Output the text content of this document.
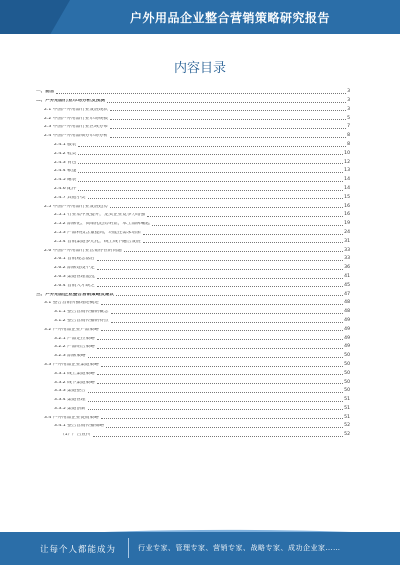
户外用品企业整合营销策略研究报告
内容目录
一、前言	3
二、户外用品行业市场分析及预测	3
2.1 中国户外用品行业发展现状	3
2.2 中国户外用品行业市场规模	5
2.3 中国户外用品行业区域分布	7
2.4 中国户外用品细分市场分析	8
2.4.1 服装	8
2.4.2 鞋类	10
2.4.3 背包	12
2.4.4 帐篷	13
2.4.5 睡袋	14
2.4.6 配件	14
2.4.7 其他小类	15
2.5 中国户外用品行业发展趋势	16
2.5.1 行业集中度提升，龙头企业竞争力增强	16
2.5.2 品牌化、高端化趋势明显，本土品牌崛起	19
2.5.3 产品科技含量提高，功能性需求增加	24
2.5.4 营销渠道多元化，线上线下融合发展	31
2.6 中国户外用品行业营销存在的问题	33
2.6.1 营销观念落后	33
2.6.2 品牌建设不足	36
2.6.3 渠道管理混乱	41
2.6.4 营销人才缺乏	45
三、户外用品企业整合营销策略及建议	47
3.1 整合营销传播理论概述	48
3.1.1 整合营销传播的概念	48
3.1.2 整合营销传播的特点	49
3.2 户外用品企业产品策略	49
3.2.1 产品定位策略	49
3.2.2 产品组合策略	49
3.2.3 品牌策略	50
3.3 户外用品企业渠道策略	50
3.3.1 线上渠道策略	50
3.3.2 线下渠道策略	50
3.3.3 渠道整合	50
3.3.4 渠道管理	51
3.3.5 渠道创新	51
3.4 户外用品企业促销策略	51
3.4.1 整合营销传播策略	52
（1）广告宣传	52
让每个人都能成为	行业专家、管理专家、营销专家、战略专家、成功企业家……
